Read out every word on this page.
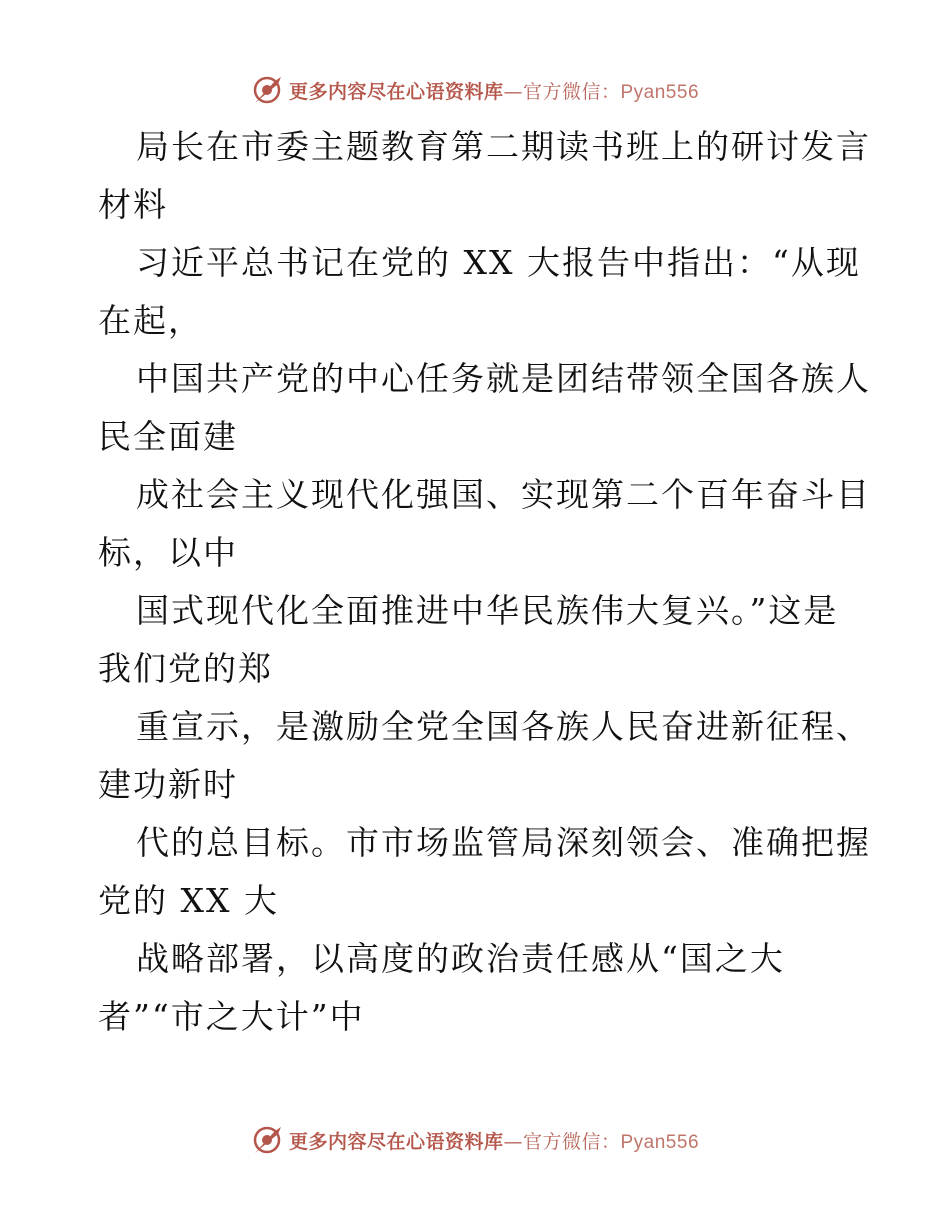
更多内容尽在心语资料库—官方微信：Pyan556
局长在市委主题教育第二期读书班上的研讨发言
材料
习近平总书记在党的 XX 大报告中指出：“从现
在起，
中国共产党的中心任务就是团结带领全国各族人
民全面建
成社会主义现代化强国、实现第二个百年奋斗目
标，以中
国式现代化全面推进中华民族伟大复兴。”这是
我们党的郑
重宣示，是激励全党全国各族人民奋进新征程、
建功新时
代的总目标。市市场监管局深刻领会、准确把握
党的 XX 大
战略部署，以高度的政治责任感从“国之大
者”“市之大计”中
更多内容尽在心语资料库—官方微信：Pyan556
